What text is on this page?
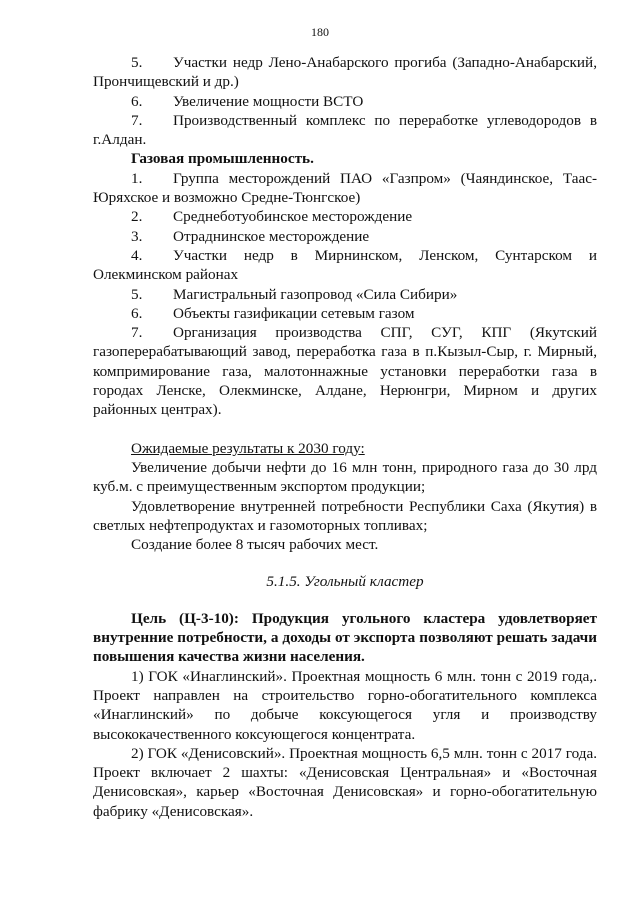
180

5. Участки недр Лено-Анабарского прогиба (Западно-Анабарский, Прончищевский и др.)

6. Увеличение мощности ВСТО

7. Производственный комплекс по переработке углеводородов в г.Алдан.

Газовая промышленность.

1. Группа месторождений ПАО «Газпром» (Чаяндинское, Таас-Юряхское и возможно Средне-Тюнгское)

2. Среднеботуобинское месторождение

3. Отраднинское месторождение

4. Участки недр в Мирнинском, Ленском, Сунтарском и Олекминском районах

5. Магистральный газопровод «Сила Сибири»

6. Объекты газификации сетевым газом

7. Организация производства СПГ, СУГ, КПГ (Якутский газоперерабатывающий завод, переработка газа в п.Кызыл-Сыр, г. Мирный, компримирование газа, малотоннажные установки переработки газа в городах Ленске, Олекминске, Алдане, Нерюнгри, Мирном и других районных центрах).

Ожидаемые результаты к 2030 году:

Увеличение добычи нефти до 16 млн тонн, природного газа до 30 лрд куб.м. с преимущественным экспортом продукции;

Удовлетворение внутренней потребности Республики Саха (Якутия) в светлых нефтепродуктах и газомоторных топливах;

Создание более 8 тысяч рабочих мест.

5.1.5. Угольный кластер

Цель (Ц-3-10): Продукция угольного кластера удовлетворяет внутренние потребности, а доходы от экспорта позволяют решать задачи повышения качества жизни населения.

1) ГОК «Инаглинский». Проектная мощность 6 млн. тонн с 2019 года,. Проект направлен на строительство горно-обогатительного комплекса «Инаглинский» по добыче коксующегося угля и производству высококачественного коксующегося концентрата.

2) ГОК «Денисовский». Проектная мощность 6,5 млн. тонн с 2017 года. Проект включает 2 шахты: «Денисовская Центральная» и «Восточная Денисовская», карьер «Восточная Денисовская» и горно-обогатительную фабрику «Денисовская».
